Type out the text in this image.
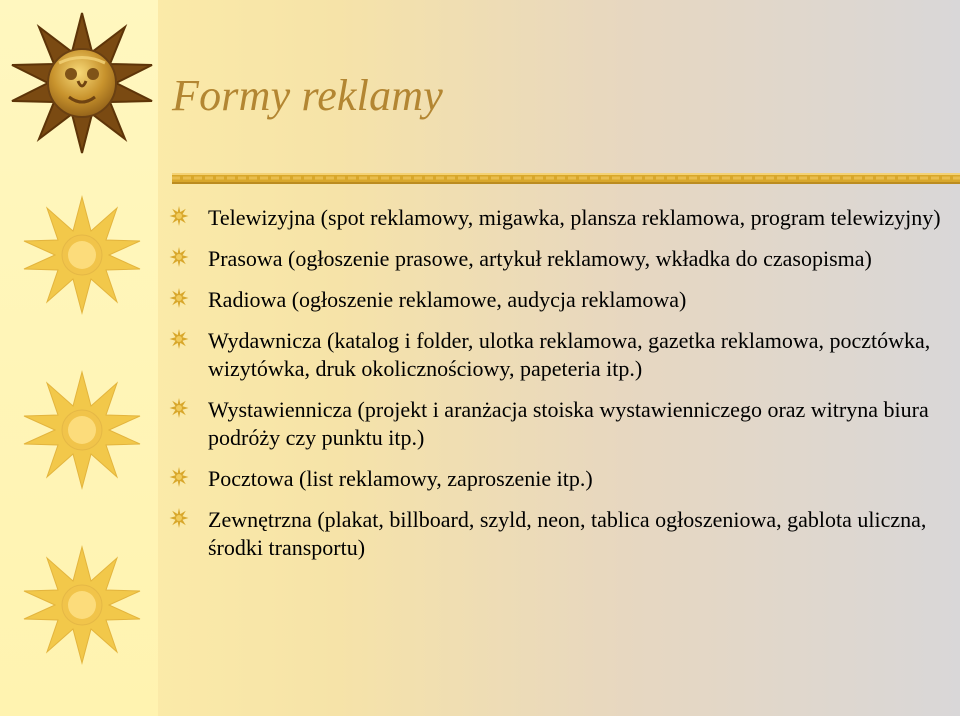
Formy reklamy
Telewizyjna (spot reklamowy, migawka, plansza reklamowa, program telewizyjny)
Prasowa (ogłoszenie prasowe, artykuł reklamowy, wkładka do czasopisma)
Radiowa (ogłoszenie reklamowe, audycja reklamowa)
Wydawnicza (katalog i folder, ulotka reklamowa, gazetka reklamowa, pocztówka, wizytówka, druk okolicznościowy, papeteria itp.)
Wystawiennicza (projekt i aranżacja stoiska wystawienniczego oraz witryna biura podróży czy punktu itp.)
Pocztowa (list reklamowy, zaproszenie itp.)
Zewnętrzna (plakat, billboard, szyld, neon, tablica ogłoszeniowa, gablota uliczna, środki transportu)
